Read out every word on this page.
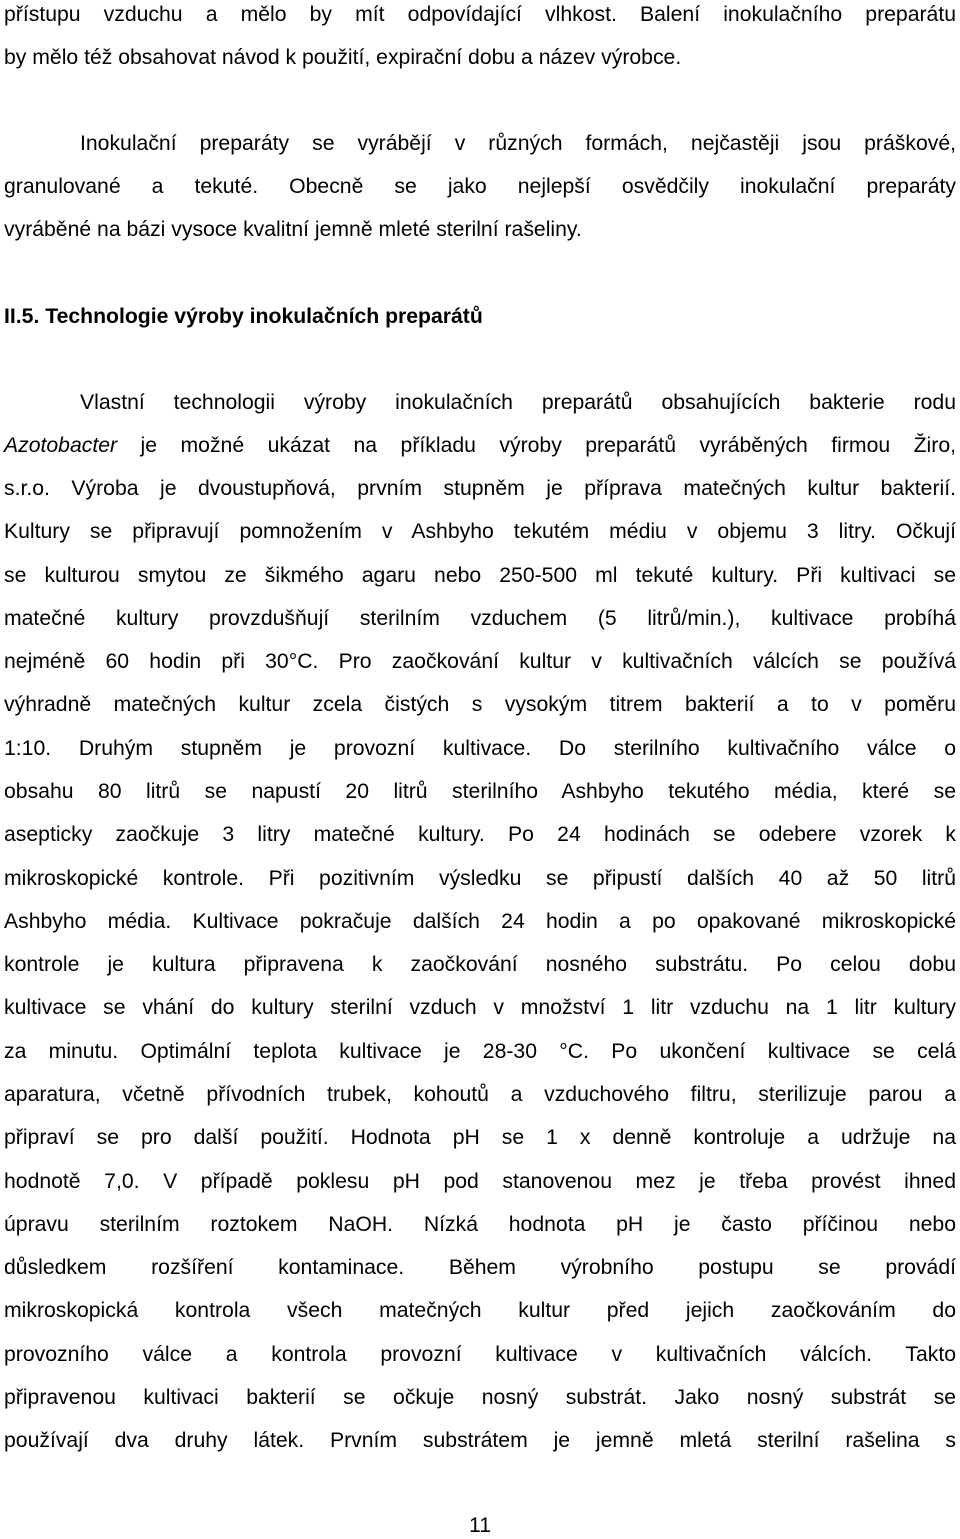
přístupu vzduchu a mělo by mít odpovídající vlhkost. Balení inokulačního preparátu

by mělo též obsahovat návod k použití, expirační dobu a název výrobce.

Inokulační preparáty se vyrábějí v různých formách, nejčastěji jsou práškové,

granulované a tekuté. Obecně se jako nejlepší osvědčily inokulační preparáty

vyráběné na bázi vysoce kvalitní jemně mleté sterilní rašeliny.

II.5. Technologie výroby inokulačních preparátů

Vlastní technologii výroby inokulačních preparátů obsahujících bakterie rodu

Azotobacter je možné ukázat na příkladu výroby preparátů vyráběných firmou Žiro,

s.r.o. Výroba je dvoustupňová, prvním stupněm je příprava matečných kultur bakterií.

Kultury se připravují pomnožením v Ashbyho tekutém médiu v objemu 3 litry. Očkují

se kulturou smytou ze šikmého agaru nebo 250-500 ml tekuté kultury. Při kultivaci se

matečné kultury provzdušňují sterilním vzduchem (5 litrů/min.), kultivace probíhá

nejméně 60 hodin při 30°C. Pro zaočkování kultur v kultivačních válcích se používá

výhradně matečných kultur zcela čistých s vysokým titrem bakterií a to v poměru

1:10. Druhým stupněm je provozní kultivace. Do sterilního kultivačního válce o

obsahu 80 litrů se napustí 20 litrů sterilního Ashbyho tekutého média, které se

asepticky zaočkuje 3 litry matečné kultury. Po 24 hodinách se odebere vzorek k

mikroskopické kontrole. Při pozitivním výsledku se připustí dalších 40 až 50 litrů

Ashbyho média. Kultivace pokračuje dalších 24 hodin a po opakované mikroskopické

kontrole je kultura připravena k zaočkování nosného substrátu. Po celou dobu

kultivace se vhání do kultury sterilní vzduch v množství 1 litr vzduchu na 1 litr kultury

za minutu. Optimální teplota kultivace je 28-30 °C. Po ukončení kultivace se celá

aparatura, včetně přívodních trubek, kohoutů a vzduchového filtru, sterilizuje parou a

připraví se pro další použití. Hodnota pH se 1 x denně kontroluje a udržuje na

hodnotě 7,0. V případě poklesu pH pod stanovenou mez je třeba provést ihned

úpravu sterilním roztokem NaOH. Nízká hodnota pH je často příčinou nebo

důsledkem rozšíření kontaminace. Během výrobního postupu se provádí

mikroskopická kontrola všech matečných kultur před jejich zaočkováním do

provozního válce a kontrola provozní kultivace v kultivačních válcích. Takto

připravenou kultivaci bakterií se očkuje nosný substrát. Jako nosný substrát se

používají dva druhy látek. Prvním substrátem je jemně mletá sterilní rašelina s

11
